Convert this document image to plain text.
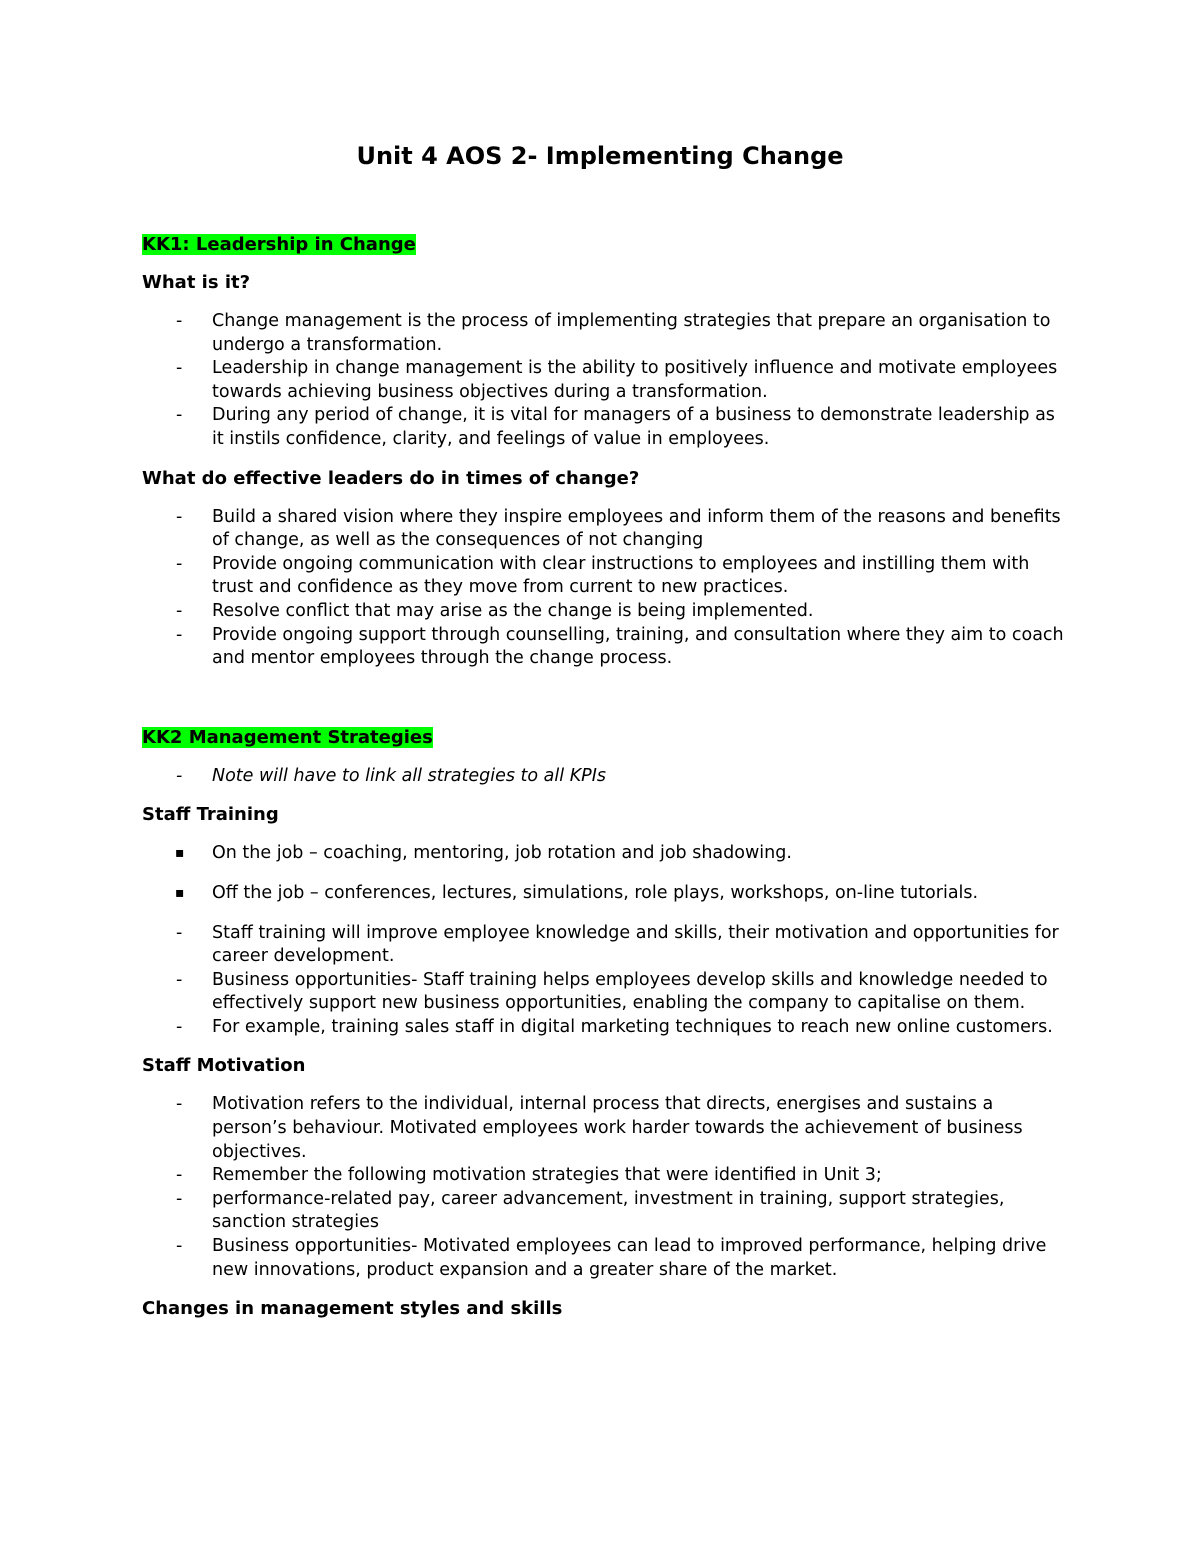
Unit 4 AOS 2- Implementing Change

KK1: Leadership in Change

What is it?

- Change management is the process of implementing strategies that prepare an organisation to undergo a transformation.
- Leadership in change management is the ability to positively influence and motivate employees towards achieving business objectives during a transformation.
- During any period of change, it is vital for managers of a business to demonstrate leadership as it instils confidence, clarity, and feelings of value in employees.

What do effective leaders do in times of change?

- Build a shared vision where they inspire employees and inform them of the reasons and benefits of change, as well as the consequences of not changing
- Provide ongoing communication with clear instructions to employees and instilling them with trust and confidence as they move from current to new practices.
- Resolve conflict that may arise as the change is being implemented.
- Provide ongoing support through counselling, training, and consultation where they aim to coach and mentor employees through the change process.

KK2 Management Strategies

- Note will have to link all strategies to all KPIs

Staff Training

▪ On the job – coaching, mentoring, job rotation and job shadowing.
▪ Off the job – conferences, lectures, simulations, role plays, workshops, on-line tutorials.
- Staff training will improve employee knowledge and skills, their motivation and opportunities for career development.
- Business opportunities- Staff training helps employees develop skills and knowledge needed to effectively support new business opportunities, enabling the company to capitalise on them.
- For example, training sales staff in digital marketing techniques to reach new online customers.

Staff Motivation

- Motivation refers to the individual, internal process that directs, energises and sustains a person’s behaviour. Motivated employees work harder towards the achievement of business objectives.
- Remember the following motivation strategies that were identified in Unit 3;
- performance-related pay, career advancement, investment in training, support strategies, sanction strategies
- Business opportunities- Motivated employees can lead to improved performance, helping drive new innovations, product expansion and a greater share of the market.

Changes in management styles and skills
